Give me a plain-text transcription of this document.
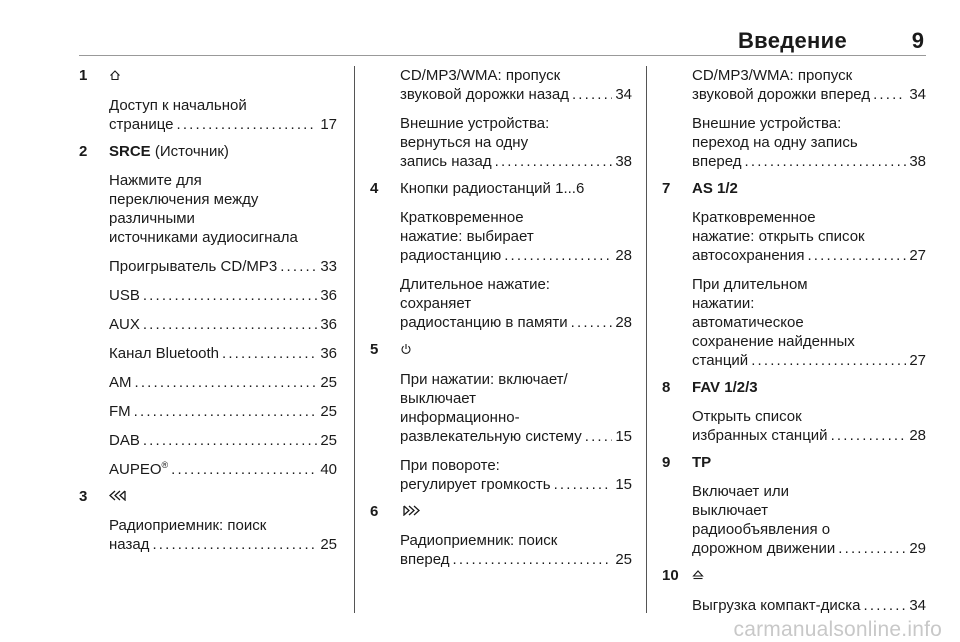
Введение	9
1
Доступ к начальной
странице . . .	17
2 SRCE (Источник)
Нажмите для
переключения между
различными
источниками аудиосигнала
Проигрыватель CD/MP3 . . .	33
USB . . .	36
AUX . . .	36
Канал Bluetooth . . .	36
AM . . .	25
FM . . .	25
DAB . . .	25
AUPEO® . . .	40
3
Радиоприемник: поиск
назад . . .	25
CD/MP3/WMA: пропуск
звуковой дорожки назад . . .	34
Внешние устройства:
вернуться на одну
запись назад . . .	38
4 Кнопки радиостанций 1...6
Кратковременное
нажатие: выбирает
радиостанцию . . .	28
Длительное нажатие:
сохраняет
радиостанцию в памяти . . .	28
5
При нажатии: включает/
выключает
информационно-
развлекательную систему . . . 15
При повороте:
регулирует громкость . . .	15
6
Радиоприемник: поиск
вперед . . .	25
CD/MP3/WMA: пропуск
звуковой дорожки вперед . . .	34
Внешние устройства:
переход на одну запись
вперед . . .	38
7 AS 1/2
Кратковременное
нажатие: открыть список
автосохранения . . .	27
При длительном
нажатии:
автоматическое
сохранение найденных
станций . . .	27
8 FAV 1/2/3
Открыть список
избранных станций . . .	28
9 TP
Включает или
выключает
радиообъявления о
дорожном движении . . .	29
10
Выгрузка компакт-диска . . .	34
carmanualsonline.info
